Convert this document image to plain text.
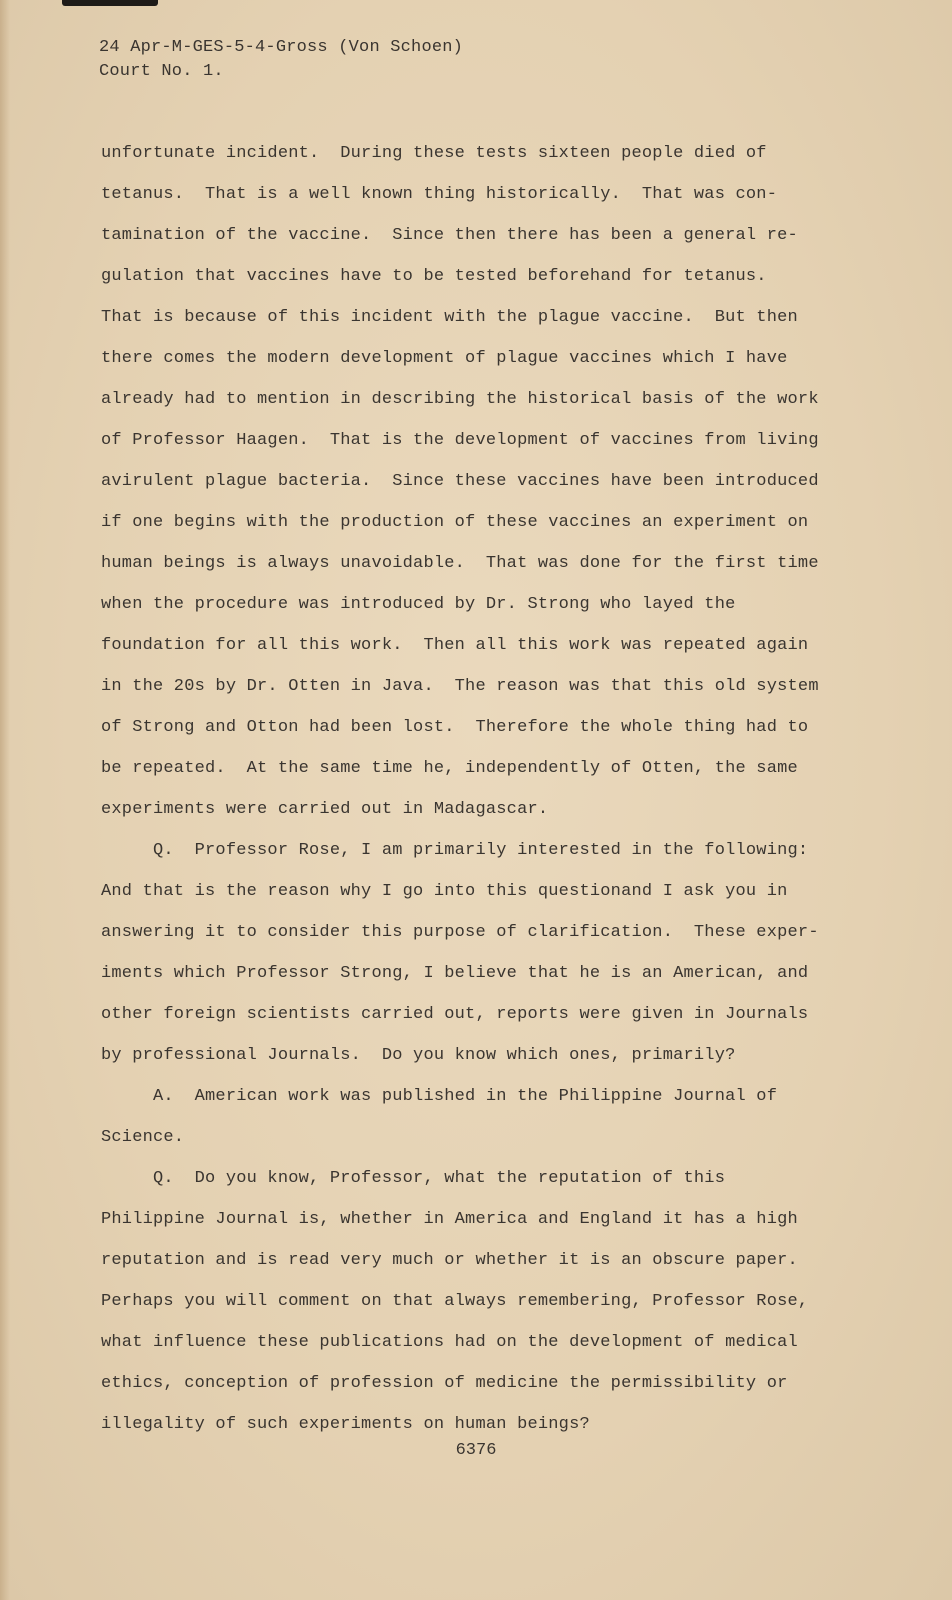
24 Apr-M-GES-5-4-Gross (Von Schoen)
Court No. 1.
unfortunate incident.  During these tests sixteen people died of
tetanus.  That is a well known thing historically.  That was con-
tamination of the vaccine.  Since then there has been a general re-
gulation that vaccines have to be tested beforehand for tetanus.
That is because of this incident with the plague vaccine.  But then
there comes the modern development of plague vaccines which I have
already had to mention in describing the historical basis of the work
of Professor Haagen.  That is the development of vaccines from living
avirulent plague bacteria.  Since these vaccines have been introduced
if one begins with the production of these vaccines an experiment on
human beings is always unavoidable.  That was done for the first time
when the procedure was introduced by Dr. Strong who layed the
foundation for all this work.  Then all this work was repeated again
in the 20s by Dr. Otten in Java.  The reason was that this old system
of Strong and Otton had been lost.  Therefore the whole thing had to
be repeated.  At the same time he, independently of Otten, the same
experiments were carried out in Madagascar.
Q.  Professor Rose, I am primarily interested in the following:
And that is the reason why I go into this questionand I ask you in
answering it to consider this purpose of clarification.  These exper-
iments which Professor Strong, I believe that he is an American, and
other foreign scientists carried out, reports were given in Journals
by professional Journals.  Do you know which ones, primarily?
A.  American work was published in the Philippine Journal of
Science.
Q.  Do you know, Professor, what the reputation of this
Philippine Journal is, whether in America and England it has a high
reputation and is read very much or whether it is an obscure paper.
Perhaps you will comment on that always remembering, Professor Rose,
what influence these publications had on the development of medical
ethics, conception of profession of medicine the permissibility or
illegality of such experiments on human beings?
6376
